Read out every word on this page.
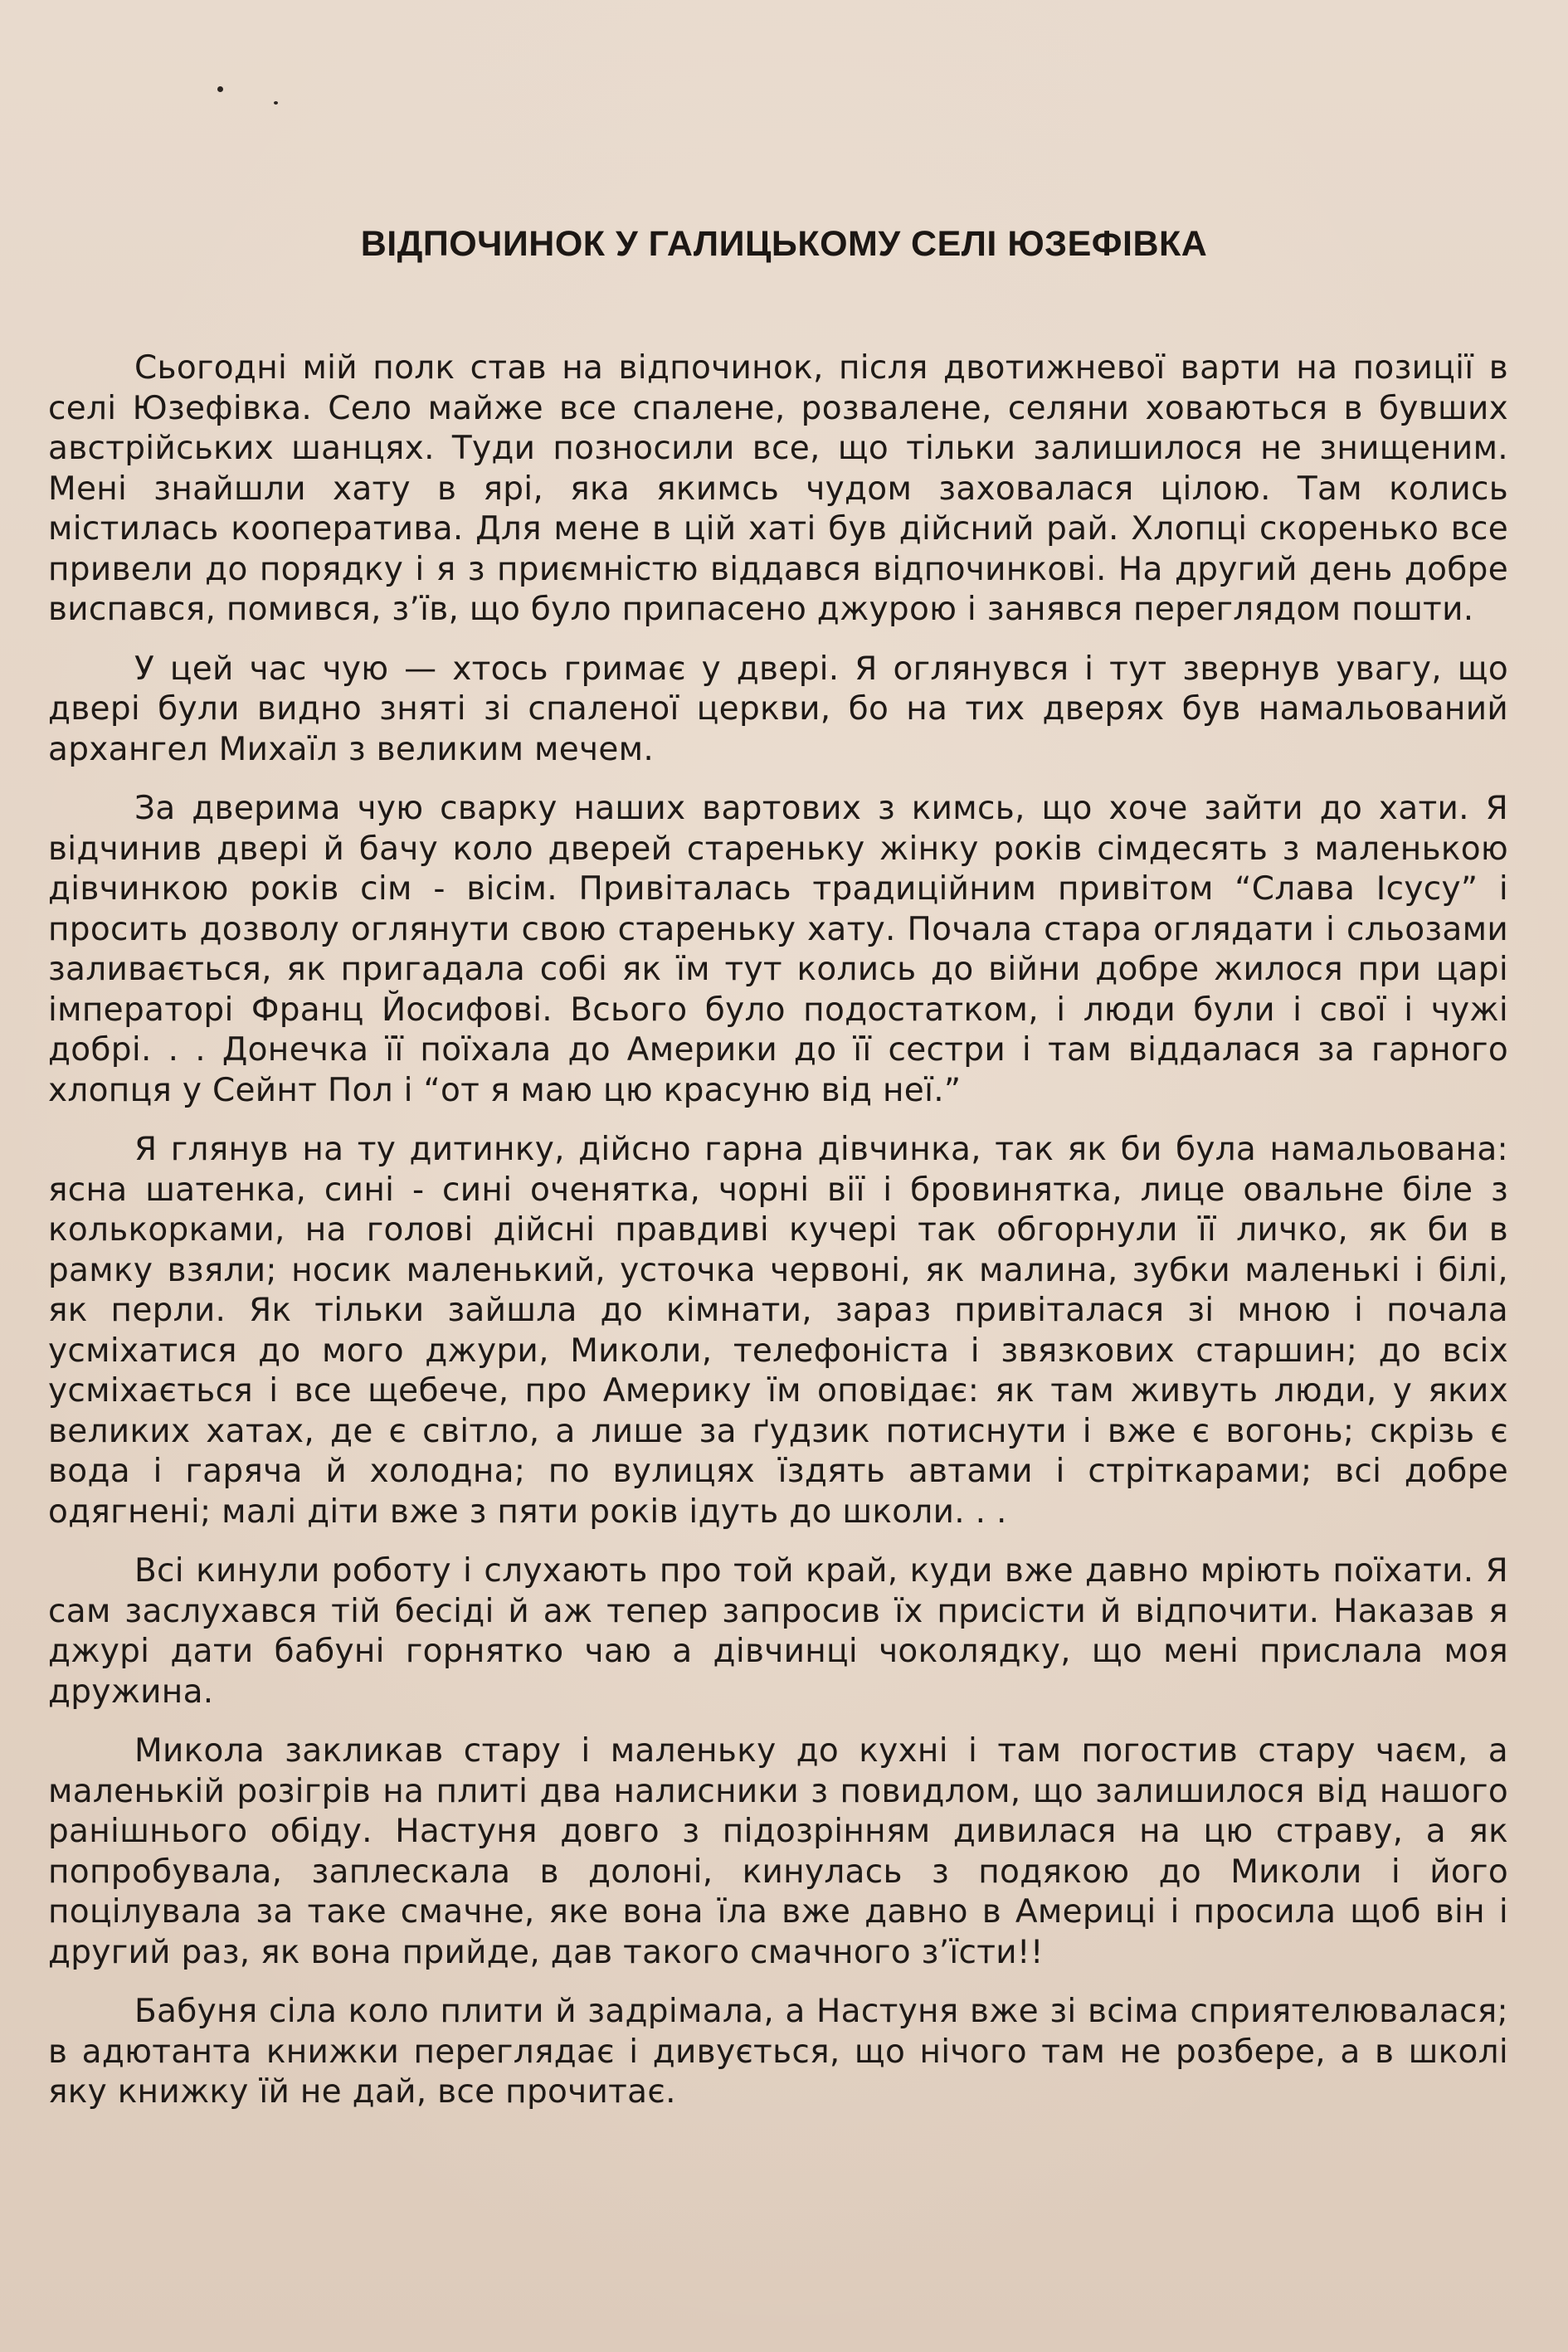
ВІДПОЧИНОК У ГАЛИЦЬКОМУ СЕЛІ ЮЗЕФІВКА

Сьогодні мій полк став на відпочинок, після двотижневої варти на позиції в селі Юзефівка. Село майже все спалене, розвалене, селяни ховаються в бувших австрійських шанцях. Туди позносили все, що тільки залишилося не знищеним. Мені знайшли хату в ярі, яка якимсь чудом заховалася цілою. Там колись містилась кооператива. Для мене в цій хаті був дійсний рай. Хлопці скоренько все привели до порядку і я з приємністю віддався відпочинкові. На другий день добре виспався, помився, з’їв, що було припасено джурою і занявся переглядом пошти.

У цей час чую — хтось гримає у двері. Я оглянувся і тут звернув увагу, що двері були видно зняті зі спаленої церкви, бо на тих дверях був намальований архангел Михаїл з великим мечем.

За дверима чую сварку наших вартових з кимсь, що хоче зайти до хати. Я відчинив двері й бачу коло дверей стареньку жінку років сімдесять з маленькою дівчинкою років сім - вісім. Привіталась традиційним привітом “Слава Ісусу” і просить дозволу оглянути свою стареньку хату. Почала стара оглядати і сльозами заливається, як пригадала собі як їм тут колись до війни добре жилося при царі імператорі Франц Йосифові. Всього було подостатком, і люди були і свої і чужі добрі. . . Донечка її поїхала до Америки до її сестри і там віддалася за гарного хлопця у Сейнт Пол і “от я маю цю красуню від неї.”

Я глянув на ту дитинку, дійсно гарна дівчинка, так як би була намальована: ясна шатенка, сині - сині оченятка, чорні вії і бровинятка, лице овальне біле з колькорками, на голові дійсні правдиві кучері так обгорнули її личко, як би в рамку взяли; носик маленький, усточка червоні, як малина, зубки маленькі і білі, як перли. Як тільки зайшла до кімнати, зараз привіталася зі мною і почала усміхатися до мого джури, Миколи, телефоніста і звязкових старшин; до всіх усміхається і все щебече, про Америку їм оповідає: як там живуть люди, у яких великих хатах, де є світло, а лише за ґудзик потиснути і вже є вогонь; скрізь є вода і гаряча й холодна; по вулицях їздять автами і стріткарами; всі добре одягнені; малі діти вже з пяти років ідуть до школи. . .

Всі кинули роботу і слухають про той край, куди вже давно мріють поїхати. Я сам заслухався тій бесіді й аж тепер запросив їх присісти й відпочити. Наказав я джурі дати бабуні горнятко чаю а дівчинці чоколядку, що мені прислала моя дружина.

Микола закликав стару і маленьку до кухні і там погостив стару чаєм, а маленькій розігрів на плиті два налисники з повидлом, що залишилося від нашого ранішнього обіду. Настуня довго з підозрінням дивилася на цю страву, а як попробувала, заплескала в долоні, кинулась з подякою до Миколи і його поцілувала за таке смачне, яке вона їла вже давно в Америці і просила щоб він і другий раз, як вона прийде, дав такого смачного з’їсти!!

Бабуня сіла коло плити й задрімала, а Настуня вже зі всіма сприятелювалася; в адютанта книжки переглядає і дивується, що нічого там не розбере, а в школі яку книжку їй не дай, все прочитає.
